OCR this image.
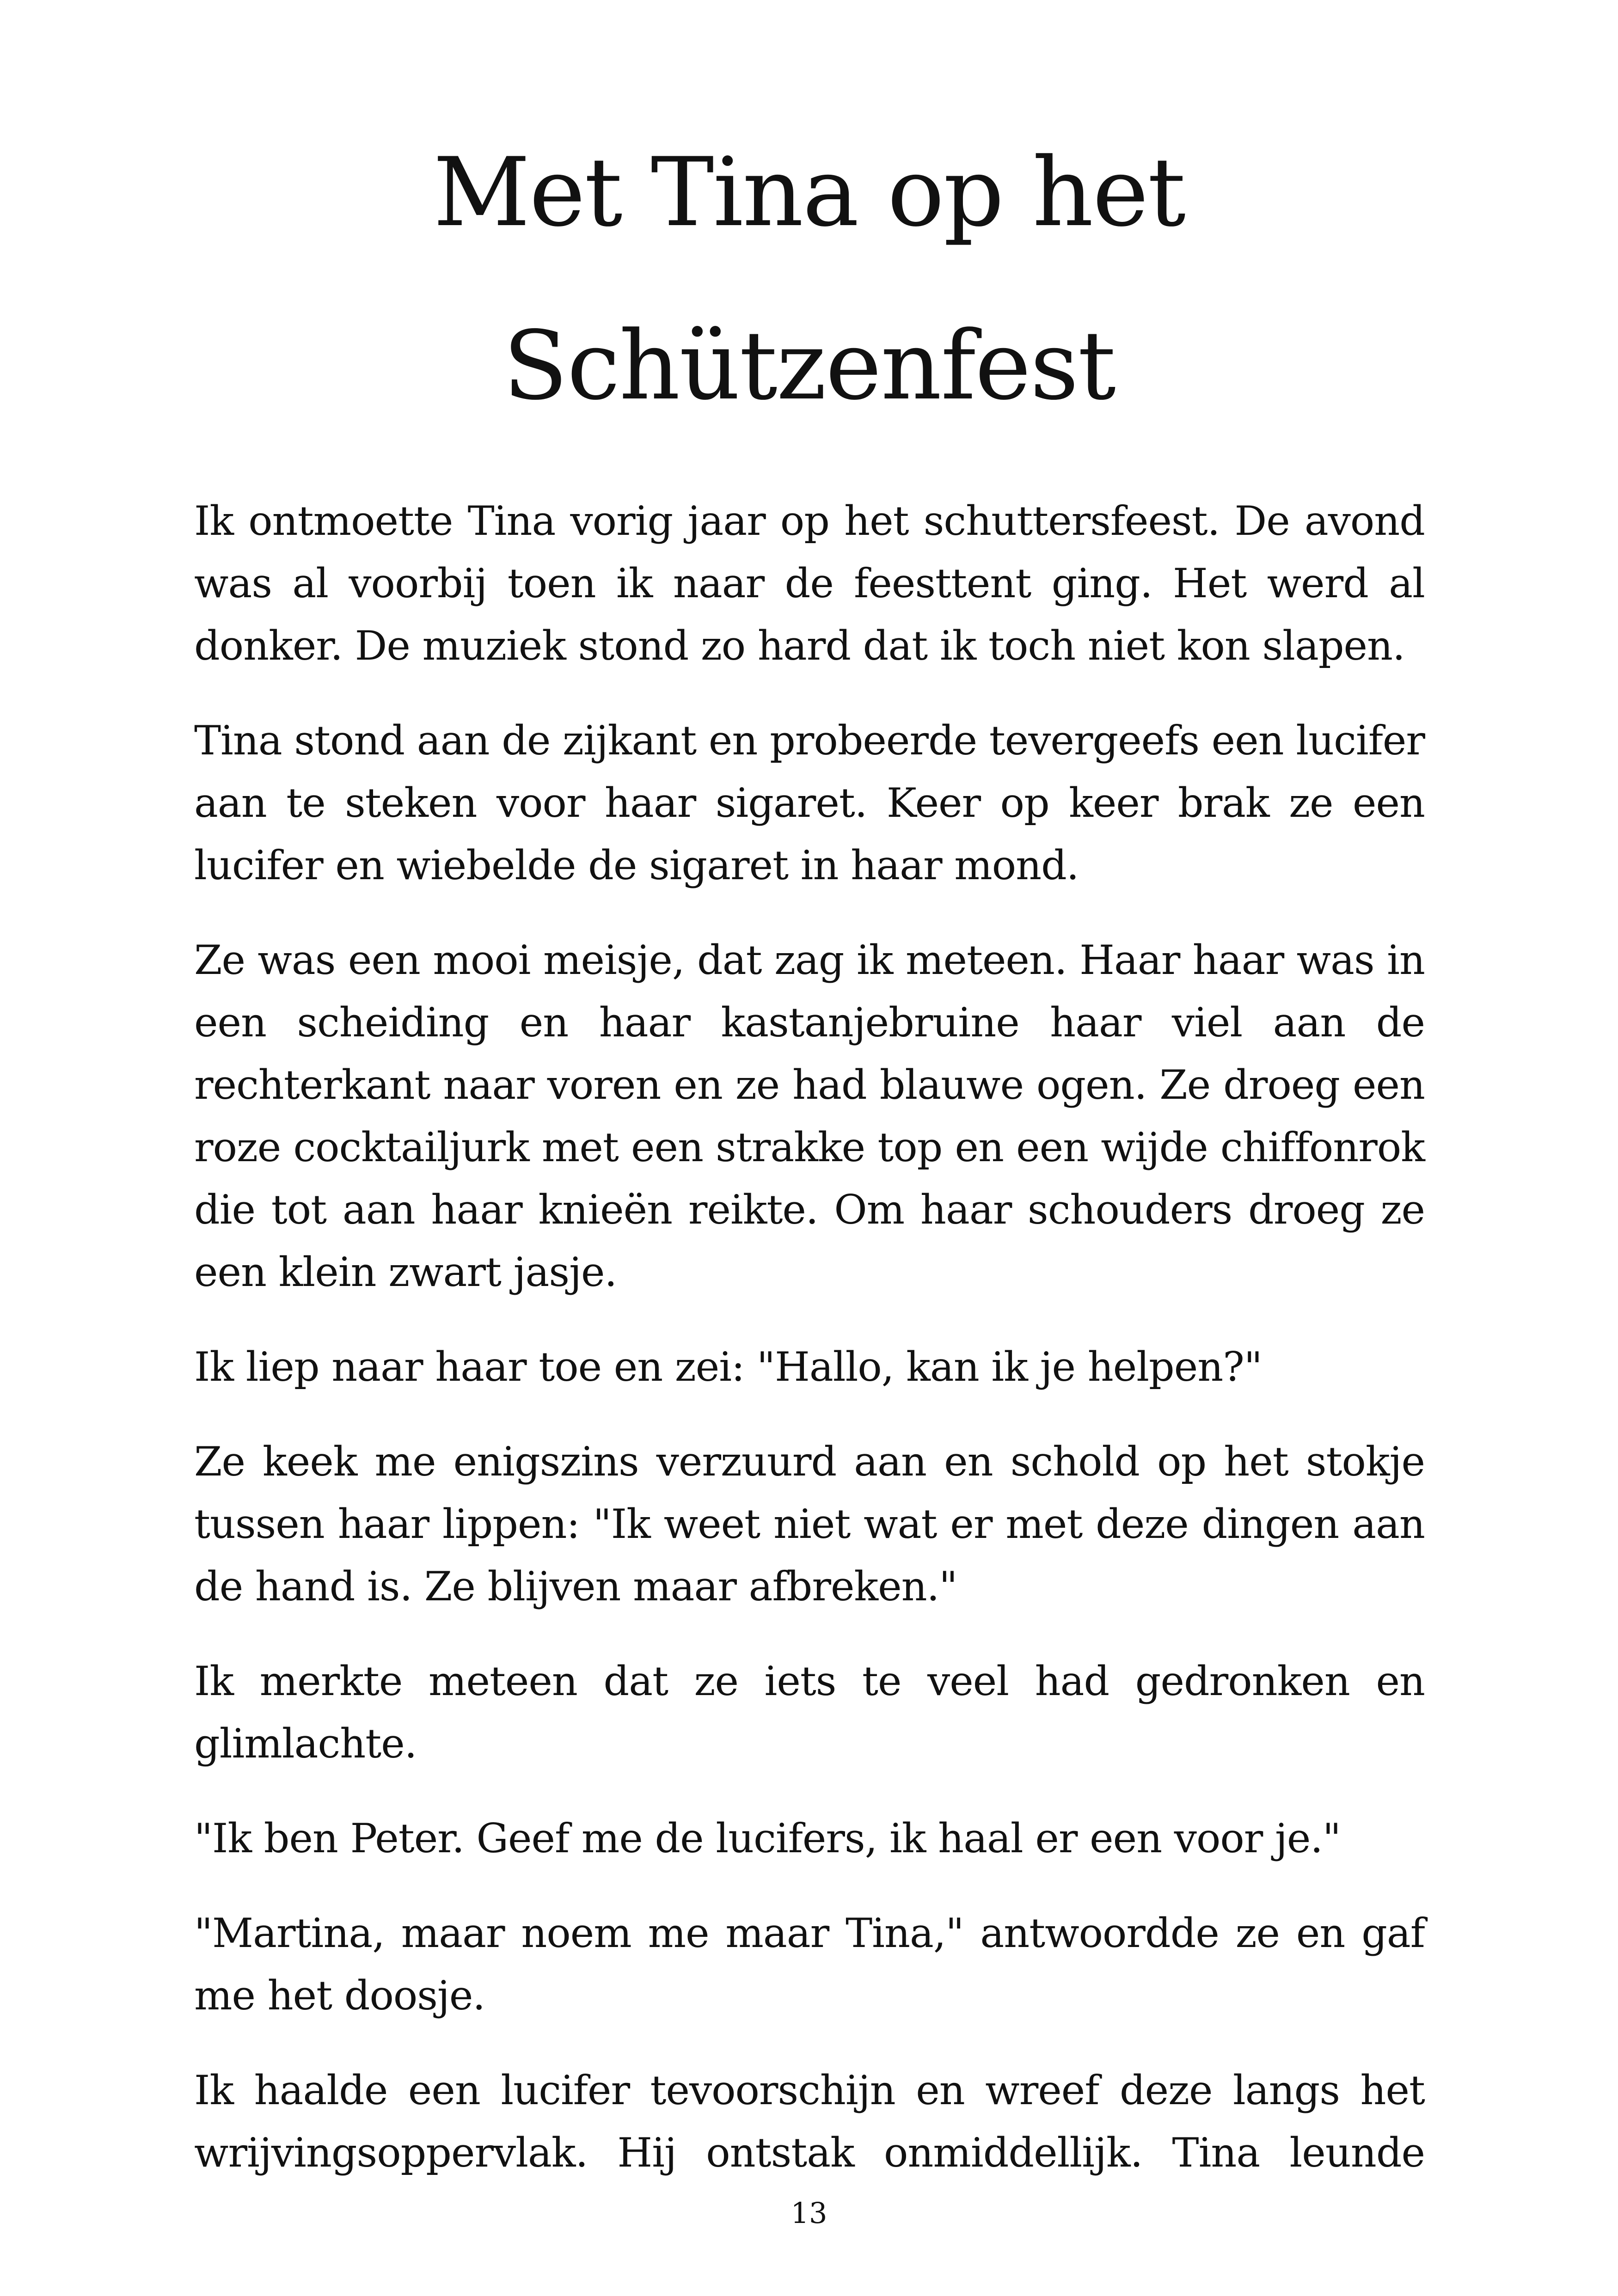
Met Tina op het
Schützenfest

Ik ontmoette Tina vorig jaar op het schuttersfeest. De avond was al voorbij toen ik naar de feesttent ging. Het werd al donker. De muziek stond zo hard dat ik toch niet kon slapen.

Tina stond aan de zijkant en probeerde tevergeefs een lucifer aan te steken voor haar sigaret. Keer op keer brak ze een lucifer en wiebelde de sigaret in haar mond.

Ze was een mooi meisje, dat zag ik meteen. Haar haar was in een scheiding en haar kastanjebruine haar viel aan de rechterkant naar voren en ze had blauwe ogen. Ze droeg een roze cocktailjurk met een strakke top en een wijde chiffonrok die tot aan haar knieën reikte. Om haar schouders droeg ze een klein zwart jasje.

Ik liep naar haar toe en zei: "Hallo, kan ik je helpen?"

Ze keek me enigszins verzuurd aan en schold op het stokje tussen haar lippen: "Ik weet niet wat er met deze dingen aan de hand is. Ze blijven maar afbreken."

Ik merkte meteen dat ze iets te veel had gedronken en glimlachte.

"Ik ben Peter. Geef me de lucifers, ik haal er een voor je."

"Martina, maar noem me maar Tina," antwoordde ze en gaf me het doosje.

Ik haalde een lucifer tevoorschijn en wreef deze langs het wrijvingsoppervlak. Hij ontstak onmiddellijk. Tina leunde

13
